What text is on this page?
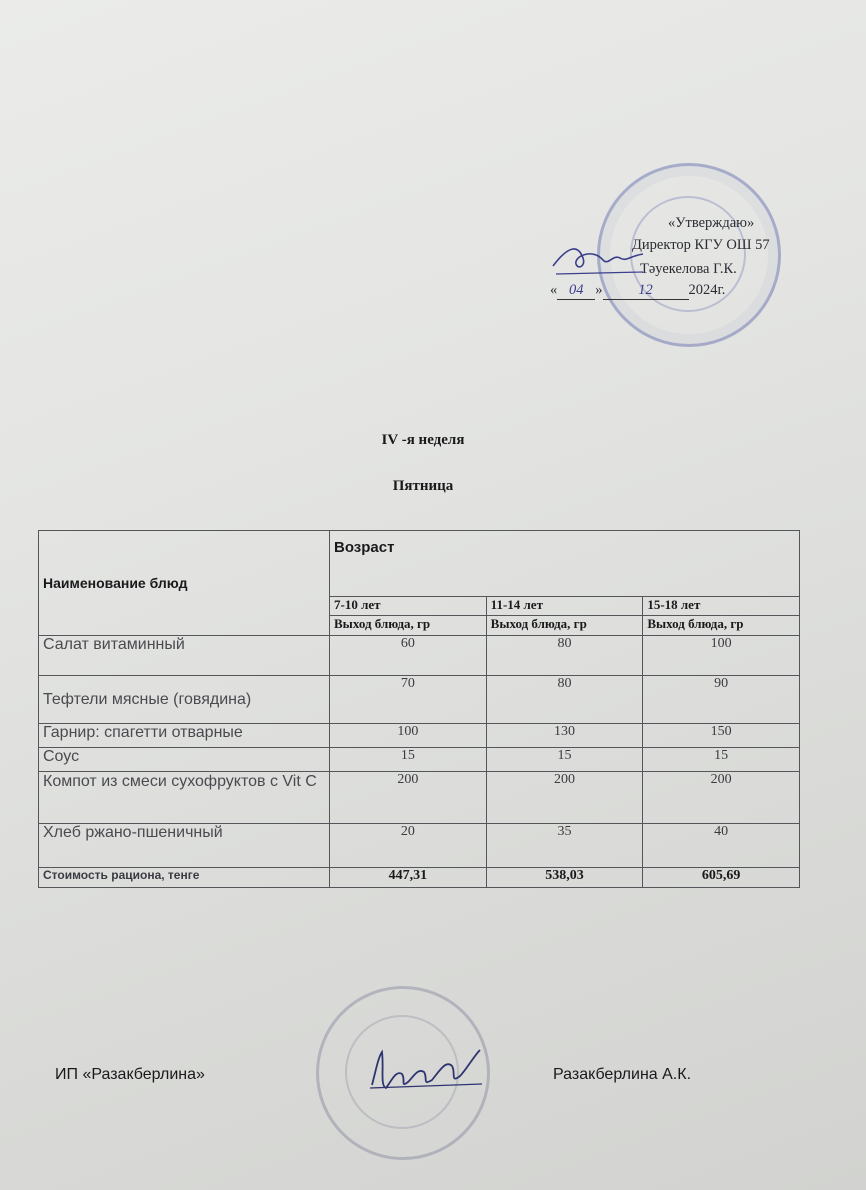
«Утверждаю»
Директор КГУ ОШ 57
Тәуекелова Г.К.
« 04 » 12 2024г.
IV -я неделя
Пятница
Наименование блюд	Возраст		
	7-10 лет	11-14 лет	15-18 лет
	Выход блюда, гр	Выход блюда, гр	Выход блюда, гр
Салат витаминный	60	80	100
Тефтели мясные (говядина)	70	80	90
Гарнир: спагетти отварные	100	130	150
Соус	15	15	15
Компот из смеси сухофруктов с Vit C	200	200	200
Хлеб ржано-пшеничный	20	35	40
Стоимость рациона, тенге	447,31	538,03	605,69
ИП «Разакберлина»	Разакберлина А.К.
